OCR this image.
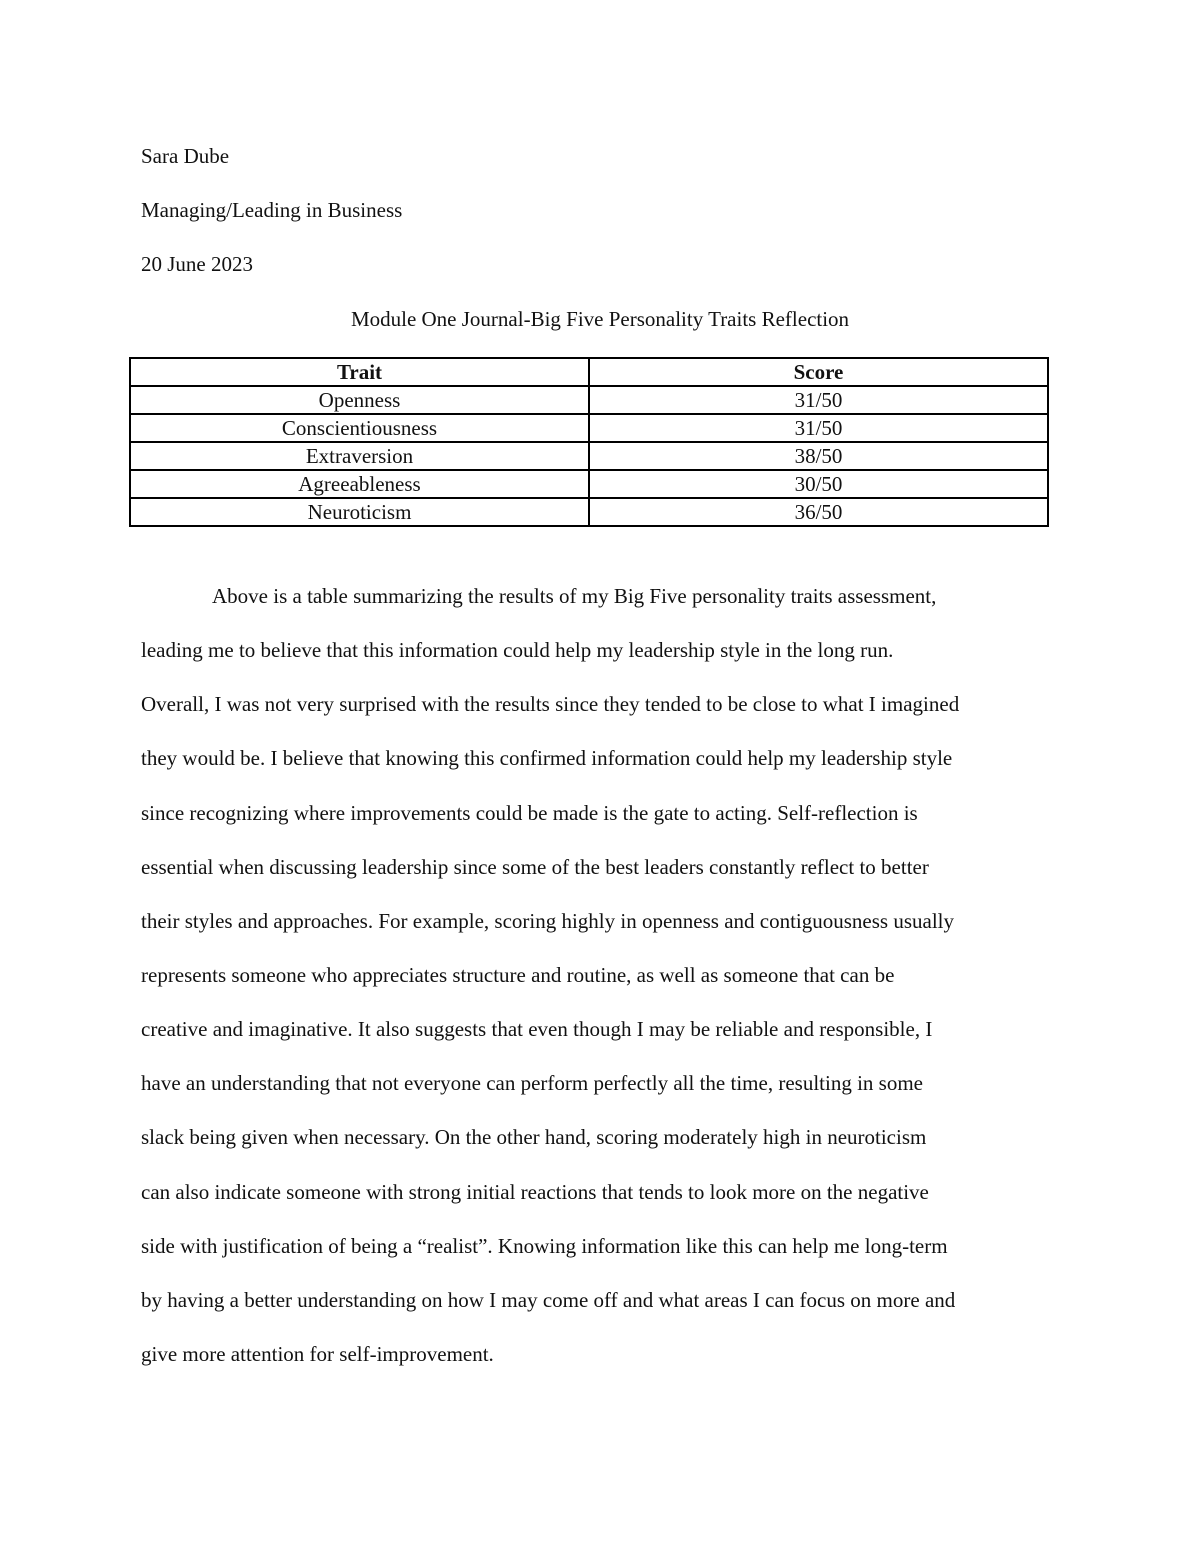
Sara Dube
Managing/Leading in Business
20 June 2023
Module One Journal-Big Five Personality Traits Reflection
Trait	Score
Openness	31/50
Conscientiousness	31/50
Extraversion	38/50
Agreeableness	30/50
Neuroticism	36/50
Above is a table summarizing the results of my Big Five personality traits assessment,
leading me to believe that this information could help my leadership style in the long run.
Overall, I was not very surprised with the results since they tended to be close to what I imagined
they would be. I believe that knowing this confirmed information could help my leadership style
since recognizing where improvements could be made is the gate to acting. Self-reflection is
essential when discussing leadership since some of the best leaders constantly reflect to better
their styles and approaches. For example, scoring highly in openness and contiguousness usually
represents someone who appreciates structure and routine, as well as someone that can be
creative and imaginative. It also suggests that even though I may be reliable and responsible, I
have an understanding that not everyone can perform perfectly all the time, resulting in some
slack being given when necessary. On the other hand, scoring moderately high in neuroticism
can also indicate someone with strong initial reactions that tends to look more on the negative
side with justification of being a “realist”. Knowing information like this can help me long-term
by having a better understanding on how I may come off and what areas I can focus on more and
give more attention for self-improvement.
